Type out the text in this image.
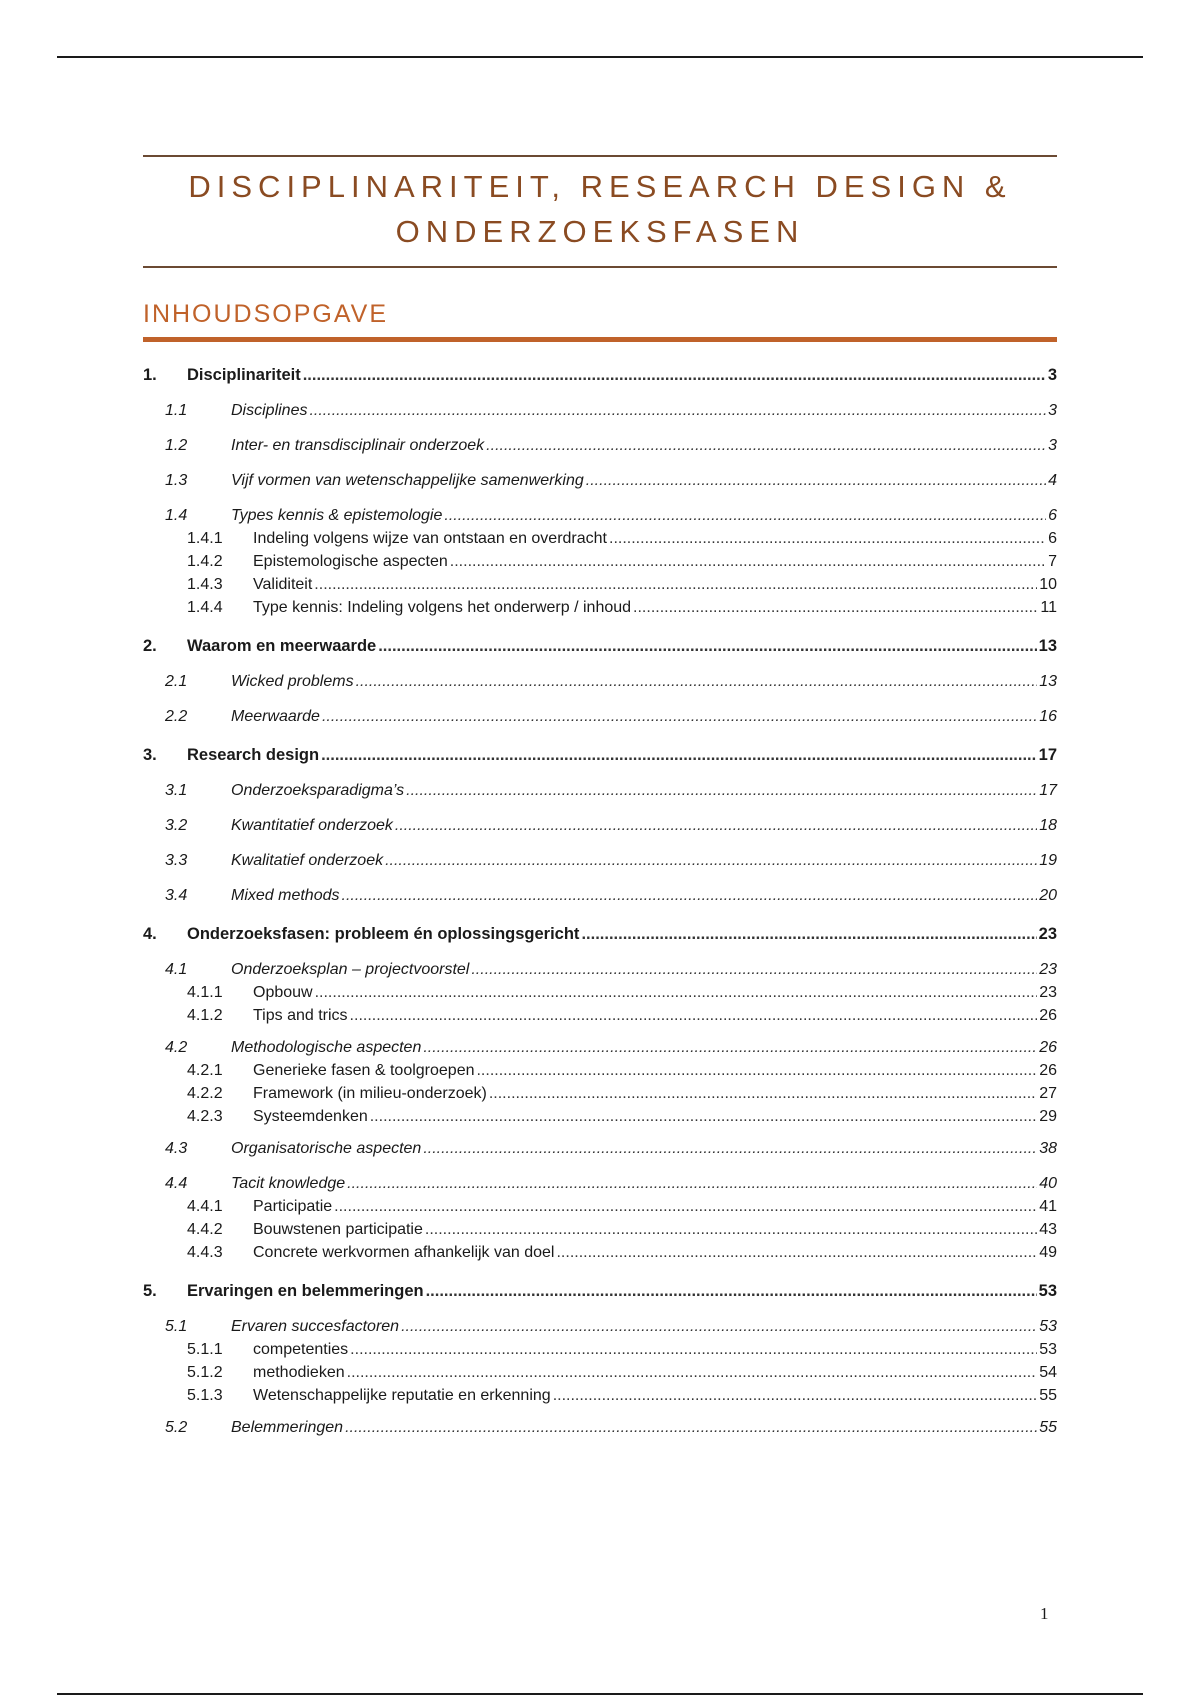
DISCIPLINARITEIT, RESEARCH DESIGN &
ONDERZOEKSFASEN
INHOUDSOPGAVE
1.	Disciplinariteit .....	3
1.1	Disciplines .....	3
1.2	Inter- en transdisciplinair onderzoek .....	3
1.3	Vijf vormen van wetenschappelijke samenwerking .....	4
1.4	Types kennis & epistemologie .....	6
1.4.1	Indeling volgens wijze van ontstaan en overdracht .....	6
1.4.2	Epistemologische aspecten .....	7
1.4.3	Validiteit .....	10
1.4.4	Type kennis: Indeling volgens het onderwerp / inhoud .....	11
2.	Waarom en meerwaarde .....	13
2.1	Wicked problems .....	13
2.2	Meerwaarde .....	16
3.	Research design .....	17
3.1	Onderzoeksparadigma’s .....	17
3.2	Kwantitatief onderzoek .....	18
3.3	Kwalitatief onderzoek .....	19
3.4	Mixed methods .....	20
4.	Onderzoeksfasen: probleem én oplossingsgericht .....	23
4.1	Onderzoeksplan – projectvoorstel .....	23
4.1.1	Opbouw .....	23
4.1.2	Tips and trics .....	26
4.2	Methodologische aspecten .....	26
4.2.1	Generieke fasen & toolgroepen .....	26
4.2.2	Framework (in milieu-onderzoek) .....	27
4.2.3	Systeemdenken .....	29
4.3	Organisatorische aspecten .....	38
4.4	Tacit knowledge .....	40
4.4.1	Participatie .....	41
4.4.2	Bouwstenen participatie .....	43
4.4.3	Concrete werkvormen afhankelijk van doel .....	49
5.	Ervaringen en belemmeringen .....	53
5.1	Ervaren succesfactoren .....	53
5.1.1	competenties .....	53
5.1.2	methodieken .....	54
5.1.3	Wetenschappelijke reputatie en erkenning .....	55
5.2	Belemmeringen .....	55
1
